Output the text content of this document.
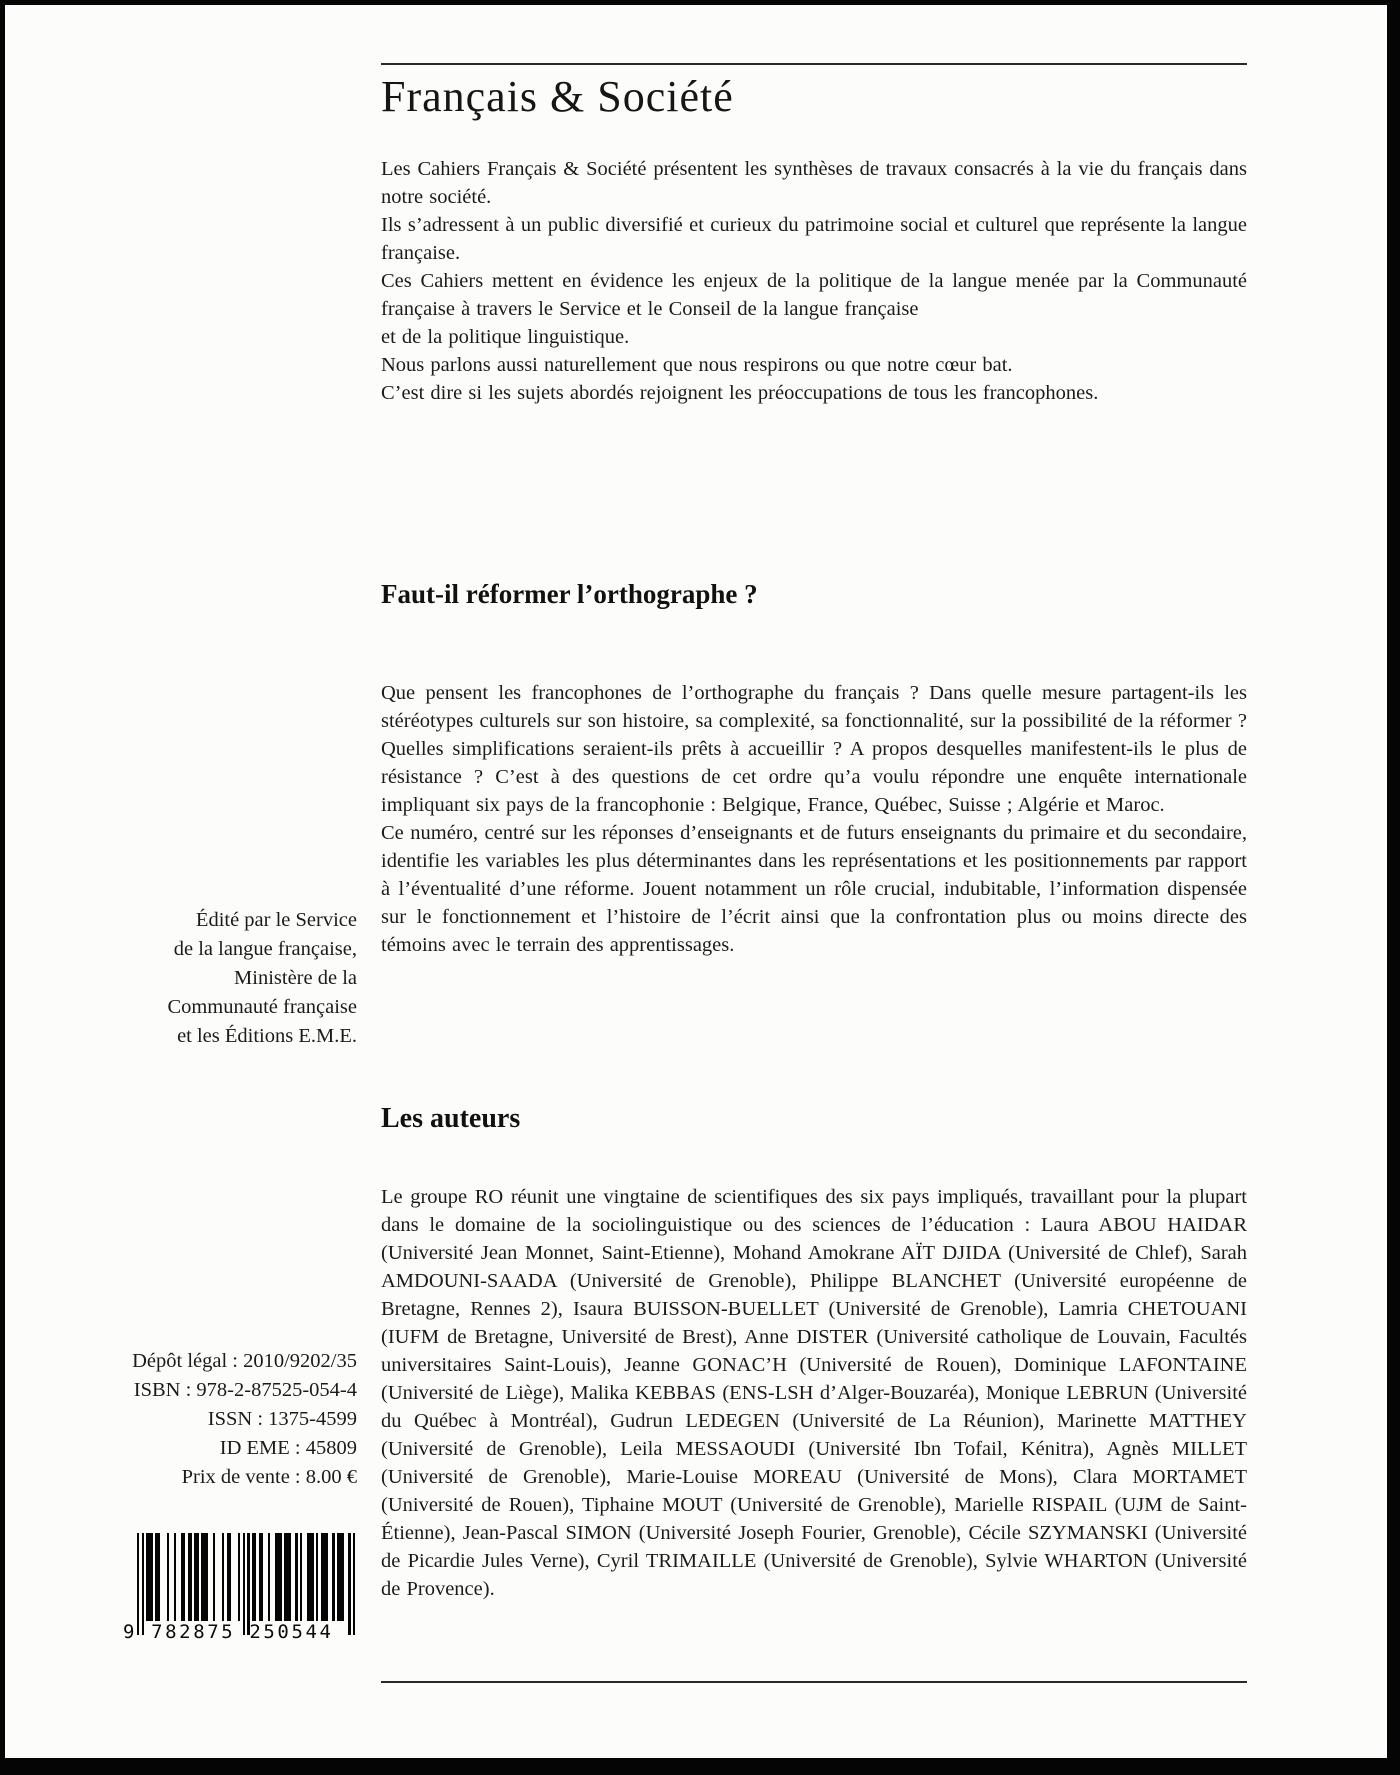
Français & Société

Les Cahiers Français & Société présentent les synthèses de travaux consacrés à la vie du français dans notre société.

Ils s’adressent à un public diversifié et curieux du patrimoine social et culturel que représente la langue française.

Ces Cahiers mettent en évidence les enjeux de la politique de la langue menée par la Communauté française à travers le Service et le Conseil de la langue française

et de la politique linguistique.

Nous parlons aussi naturellement que nous respirons ou que notre cœur bat.

C’est dire si les sujets abordés rejoignent les préoccupations de tous les francophones.

Faut-il réformer l’orthographe ?

Que pensent les francophones de l’orthographe du français ? Dans quelle mesure partagent-ils les stéréotypes culturels sur son histoire, sa complexité, sa fonctionnalité, sur la possibilité de la réformer ? Quelles simplifications seraient-ils prêts à accueillir ? A propos desquelles manifestent-ils le plus de résistance ? C’est à des questions de cet ordre qu’a voulu répondre une enquête internationale impliquant six pays de la francophonie : Belgique, France, Québec, Suisse ; Algérie et Maroc.

Ce numéro, centré sur les réponses d’enseignants et de futurs enseignants du primaire et du secondaire, identifie les variables les plus déterminantes dans les représentations et les positionnements par rapport à l’éventualité d’une réforme. Jouent notamment un rôle crucial, indubitable, l’information dispensée sur le fonctionnement et l’histoire de l’écrit ainsi que la confrontation plus ou moins directe des témoins avec le terrain des apprentissages.

Édité par le Service

de la langue française,

Ministère de la

Communauté française

et les Éditions E.M.E.

Les auteurs

Le groupe RO réunit une vingtaine de scientifiques des six pays impliqués, travaillant pour la plupart dans le domaine de la sociolinguistique ou des sciences de l’éducation : Laura ABOU HAIDAR (Université Jean Monnet, Saint-Etienne), Mohand Amokrane AÏT DJIDA (Université de Chlef), Sarah AMDOUNI-SAADA (Université de Grenoble), Philippe BLANCHET (Université européenne de Bretagne, Rennes 2), Isaura BUISSON-BUELLET (Université de Grenoble), Lamria CHETOUANI (IUFM de Bretagne, Université de Brest), Anne DISTER (Université catholique de Louvain, Facultés universitaires Saint-Louis), Jeanne GONAC’H (Université de Rouen), Dominique LAFONTAINE (Université de Liège), Malika KEBBAS (ENS-LSH d’Alger-Bouzaréa), Monique LEBRUN (Université du Québec à Montréal), Gudrun LEDEGEN (Université de La Réunion), Marinette MATTHEY (Université de Grenoble), Leila MESSAOUDI (Université Ibn Tofail, Kénitra), Agnès MILLET (Université de Grenoble), Marie-Louise MOREAU (Université de Mons), Clara MORTAMET (Université de Rouen), Tiphaine MOUT (Université de Grenoble), Marielle RISPAIL (UJM de Saint-Étienne), Jean-Pascal SIMON (Université Joseph Fourier, Grenoble), Cécile SZYMANSKI (Université de Picardie Jules Verne), Cyril TRIMAILLE (Université de Grenoble), Sylvie WHARTON (Université de Provence).

Dépôt légal : 2010/9202/35

ISBN : 978-2-87525-054-4

ISSN : 1375-4599

ID EME : 45809

Prix de vente : 8.00 €

9 782875 250544
